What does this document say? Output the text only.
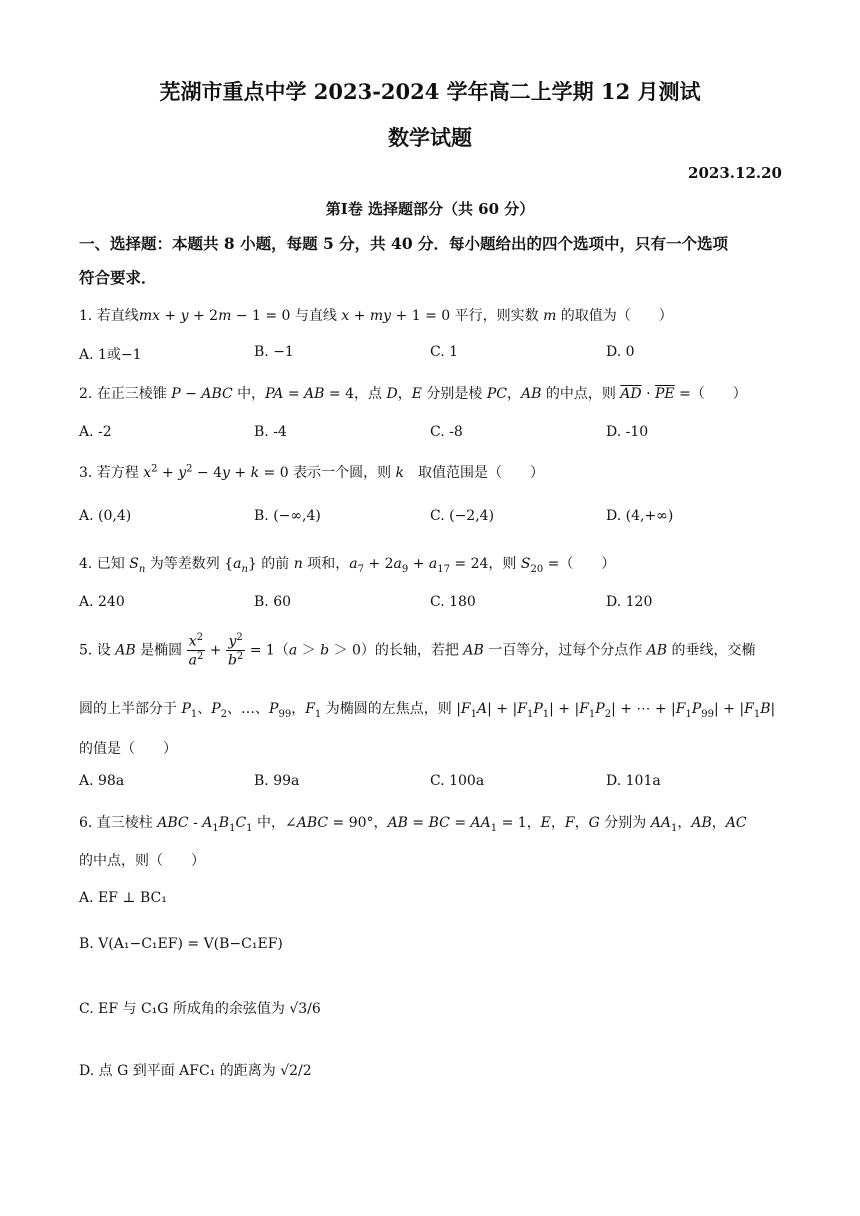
芜湖市重点中学 2023-2024 学年高二上学期 12 月测试
数学试题
2023.12.20
第Ⅰ卷 选择题部分（共 60 分）
一、选择题：本题共 8 小题，每题 5 分，共 40 分．每小题给出的四个选项中，只有一个选项
符合要求．
1. 若直线mx + y + 2m − 1 = 0 与直线 x + my + 1 = 0 平行，则实数 m 的取值为（　　）
A. 1或−1	B. −1	C. 1	D. 0
2. 在正三棱锥 P − ABC 中，PA = AB = 4，点 D，E 分别是棱 PC，AB 的中点，则 $\overline{AD} \cdot \overline{PE}$ =（　　）
A. -2	B. -4	C. -8	D. -10
3. 若方程 $x^2 + y^2 - 4y + k = 0$ 表示一个圆，则 k　取值范围是（　　）
A. (0,4)	B. (−∞,4)	C. (−2,4)	D. (4,+∞)
4. 已知 $S_n$ 为等差数列 $\{a_n\}$ 的前 n 项和，$a_7 + 2a_9 + a_{17} = 24$，则 $S_{20}$ =（　　）
A. 240	B. 60	C. 180	D. 120
5. 设 AB 是椭圆 $\frac{x^2}{a^2} + \frac{y^2}{b^2} = 1(a > b > 0)$的长轴，若把 AB 一百等分，过每个分点作 AB 的垂线，交椭
圆的上半部分于 $P_1$、$P_2$、…、$P_{99}$，$F_1$ 为椭圆的左焦点，则 $|F_1A| + |F_1P_1| + |F_1P_2|$ + ⋯ + $|F_1P_{99}| + |F_1B|$
的值是（　　）
A. 98a	B. 99a	C. 100a	D. 101a
6. 直三棱柱 ABC - $A_1B_1C_1$ 中，∠ABC = 90°，AB = BC = $AA_1 = 1$，E，F，G 分别为 $AA_1$，AB，AC
的中点，则（　　）
A. EF ⊥ BC₁
B. V(A₁−C₁EF) = V(B−C₁EF)
C. EF 与 C₁G 所成角的余弦值为 √3/6
D. 点 G 到平面 AFC₁ 的距离为 √2/2
